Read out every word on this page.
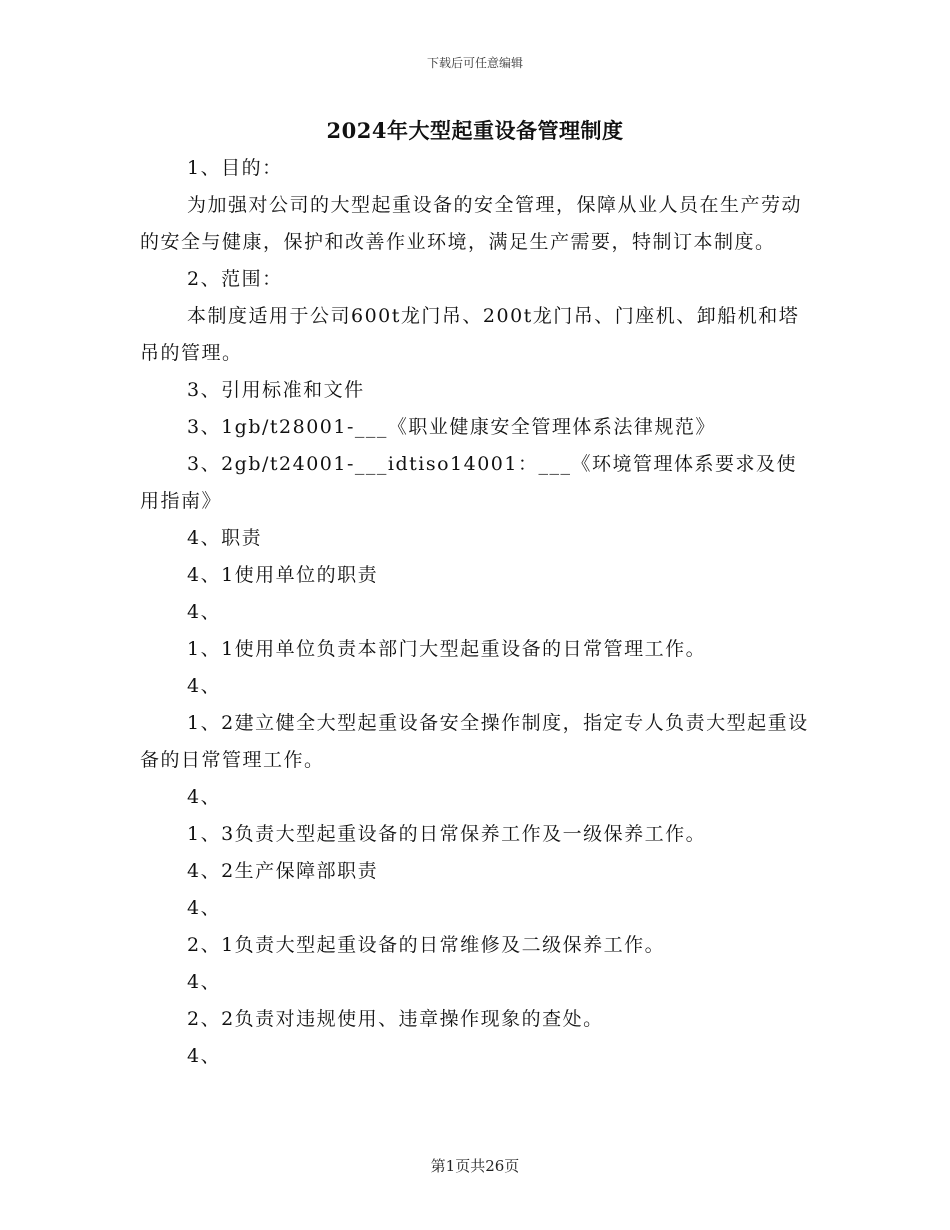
下载后可任意编辑
2024年大型起重设备管理制度

1、目的：

为加强对公司的大型起重设备的安全管理，保障从业人员在生产劳动的安全与健康，保护和改善作业环境，满足生产需要，特制订本制度。

2、范围：

本制度适用于公司600t龙门吊、200t龙门吊、门座机、卸船机和塔吊的管理。

3、引用标准和文件

3、1gb/t28001-___《职业健康安全管理体系法律规范》

3、2gb/t24001-___idtiso14001：___《环境管理体系要求及使用指南》

4、职责

4、1使用单位的职责

4、

1、1使用单位负责本部门大型起重设备的日常管理工作。

4、

1、2建立健全大型起重设备安全操作制度，指定专人负责大型起重设备的日常管理工作。

4、

1、3负责大型起重设备的日常保养工作及一级保养工作。

4、2生产保障部职责

4、

2、1负责大型起重设备的日常维修及二级保养工作。

4、

2、2负责对违规使用、违章操作现象的查处。

4、

第1页共26页
